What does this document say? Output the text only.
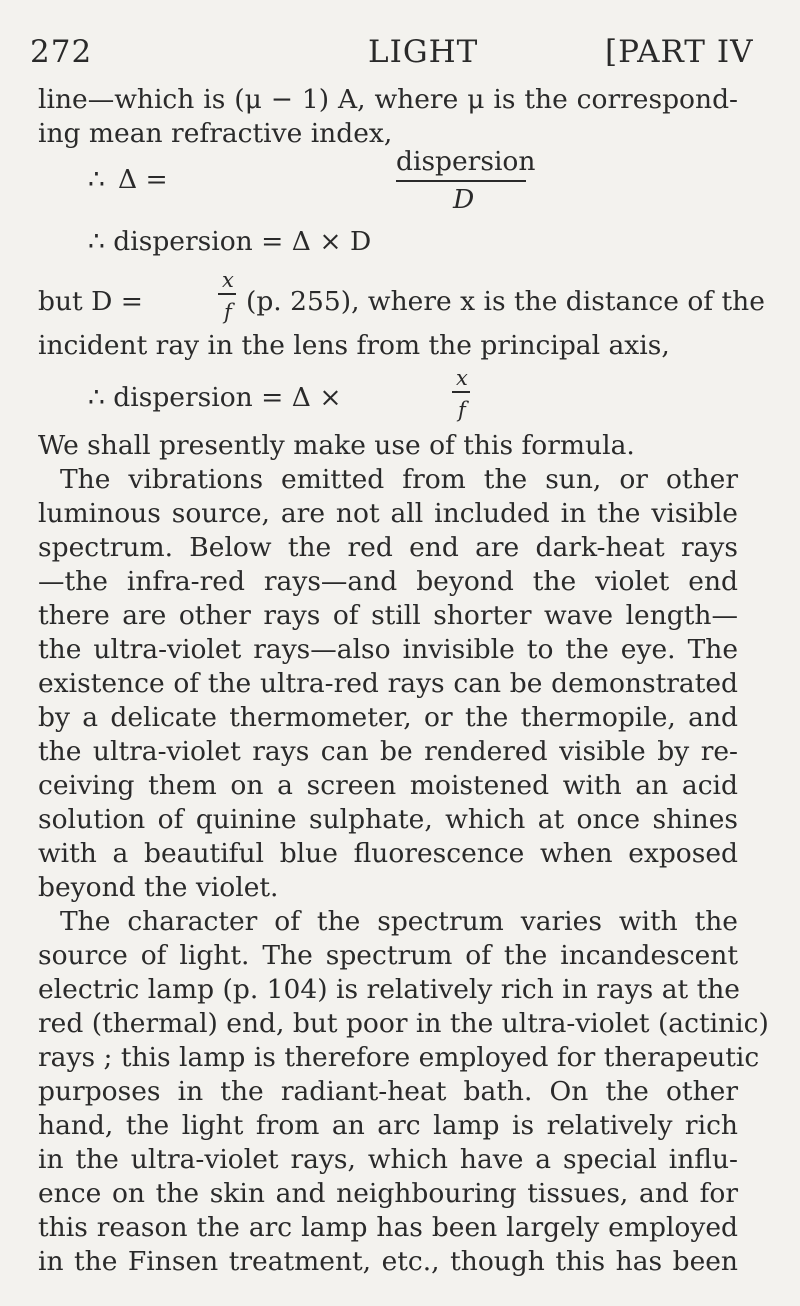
272	LIGHT	[PART IV
line—which is (μ − 1) A, where μ is the correspond-
ing mean refractive index,
∴ Δ =
dispersion
D
∴ dispersion = Δ × D
but D =
x
f (p. 255), where x is the distance of the
incident ray in the lens from the principal axis,
∴ dispersion = Δ ×
x
f
We shall presently make use of this formula.
The vibrations emitted from the sun, or other
luminous source, are not all included in the visible
spectrum. Below the red end are dark-heat rays
—the infra-red rays—and beyond the violet end
there are other rays of still shorter wave length—
the ultra-violet rays—also invisible to the eye. The
existence of the ultra-red rays can be demonstrated
by a delicate thermometer, or the thermopile, and
the ultra-violet rays can be rendered visible by re-
ceiving them on a screen moistened with an acid
solution of quinine sulphate, which at once shines
with a beautiful blue fluorescence when exposed
beyond the violet.
The character of the spectrum varies with the
source of light. The spectrum of the incandescent
electric lamp (p. 104) is relatively rich in rays at the
red (thermal) end, but poor in the ultra-violet (actinic)
rays ; this lamp is therefore employed for therapeutic
purposes in the radiant-heat bath. On the other
hand, the light from an arc lamp is relatively rich
in the ultra-violet rays, which have a special influ-
ence on the skin and neighbouring tissues, and for
this reason the arc lamp has been largely employed
in the Finsen treatment, etc., though this has been
